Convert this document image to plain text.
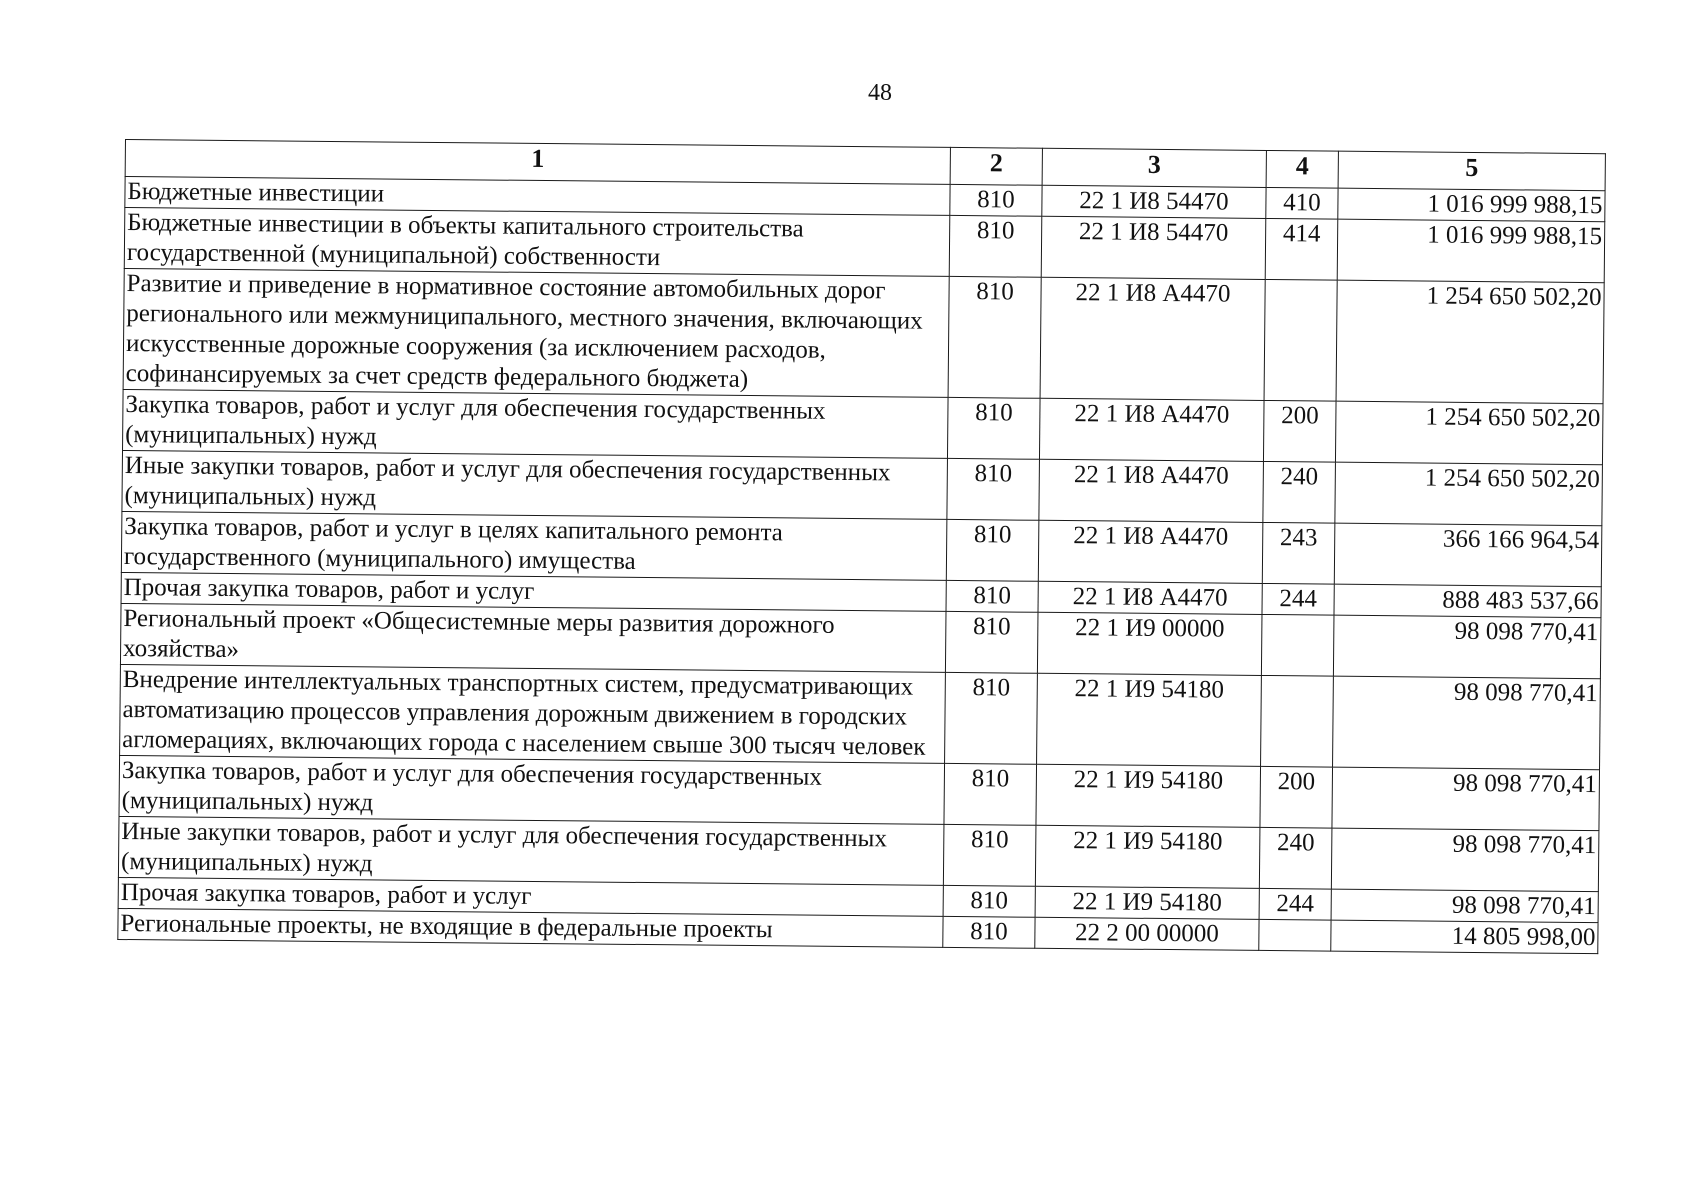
48
1	2	3	4	5
Бюджетные инвестиции	810	22 1 И8 54470	410	1 016 999 988,15
Бюджетные инвестиции в объекты капитального строительства государственной (муниципальной) собственности	810	22 1 И8 54470	414	1 016 999 988,15
Развитие и приведение в нормативное состояние автомобильных дорог регионального или межмуниципального, местного значения, включающих искусственные дорожные сооружения (за исключением расходов, софинансируемых за счет средств федерального бюджета)	810	22 1 И8 А4470		1 254 650 502,20
Закупка товаров, работ и услуг для обеспечения государственных (муниципальных) нужд	810	22 1 И8 А4470	200	1 254 650 502,20
Иные закупки товаров, работ и услуг для обеспечения государственных (муниципальных) нужд	810	22 1 И8 А4470	240	1 254 650 502,20
Закупка товаров, работ и услуг в целях капитального ремонта государственного (муниципального) имущества	810	22 1 И8 А4470	243	366 166 964,54
Прочая закупка товаров, работ и услуг	810	22 1 И8 А4470	244	888 483 537,66
Региональный проект «Общесистемные меры развития дорожного хозяйства»	810	22 1 И9 00000		98 098 770,41
Внедрение интеллектуальных транспортных систем, предусматривающих автоматизацию процессов управления дорожным движением в городских агломерациях, включающих города с населением свыше 300 тысяч человек	810	22 1 И9 54180		98 098 770,41
Закупка товаров, работ и услуг для обеспечения государственных (муниципальных) нужд	810	22 1 И9 54180	200	98 098 770,41
Иные закупки товаров, работ и услуг для обеспечения государственных (муниципальных) нужд	810	22 1 И9 54180	240	98 098 770,41
Прочая закупка товаров, работ и услуг	810	22 1 И9 54180	244	98 098 770,41
Региональные проекты, не входящие в федеральные проекты	810	22 2 00 00000		14 805 998,00
